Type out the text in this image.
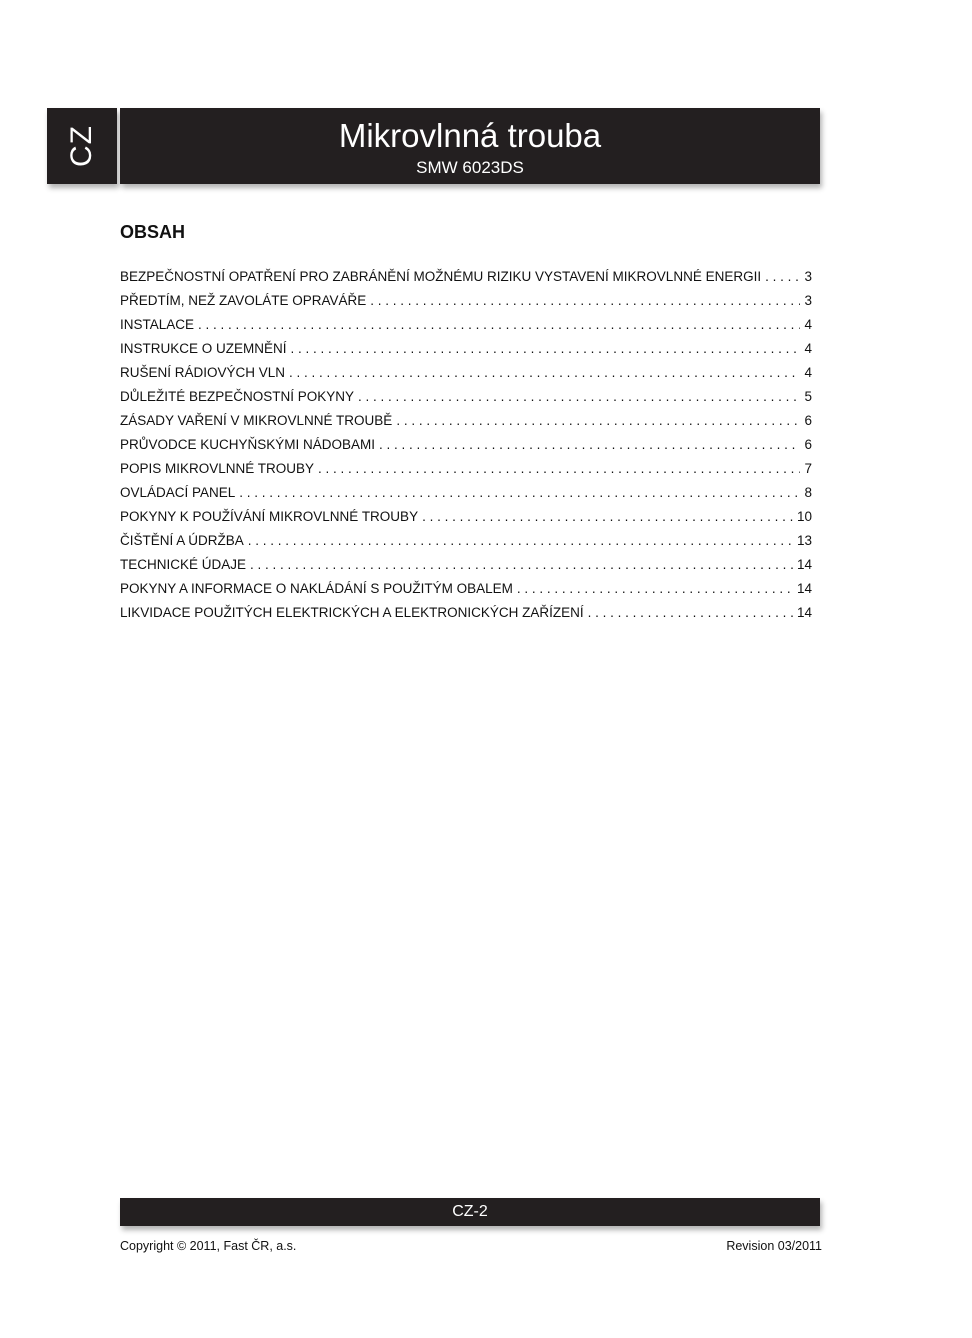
CZ	Mikrovlnná trouba
SMW 6023DS
OBSAH
BEZPEČNOSTNÍ OPATŘENÍ PRO ZABRÁNĚNÍ MOŽNÉMU RIZIKU VYSTAVENÍ MIKROVLNNÉ ENERGII . . .	3
PŘEDTÍM, NEŽ ZAVOLÁTE OPRAVÁŘE . . .	3
INSTALACE . . .	4
INSTRUKCE O UZEMNĚNÍ . . .	4
RUŠENÍ RÁDIOVÝCH VLN . . .	4
DŮLEŽITÉ BEZPEČNOSTNÍ POKYNY . . .	5
ZÁSADY VAŘENÍ V MIKROVLNNÉ TROUBĚ . . .	6
PRŮVODCE KUCHYŇSKÝMI NÁDOBAMI . . .	6
POPIS MIKROVLNNÉ TROUBY . . .	7
OVLÁDACÍ PANEL . . .	8
POKYNY K POUŽÍVÁNÍ MIKROVLNNÉ TROUBY . . .	10
ČIŠTĚNÍ A ÚDRŽBA . . .	13
TECHNICKÉ ÚDAJE . . .	14
POKYNY A INFORMACE O NAKLÁDÁNÍ S POUŽITÝM OBALEM . . .	14
LIKVIDACE POUŽITÝCH ELEKTRICKÝCH A ELEKTRONICKÝCH ZAŘÍZENÍ . . .	14
CZ-2
Copyright © 2011, Fast ČR, a.s.	Revision 03/2011
